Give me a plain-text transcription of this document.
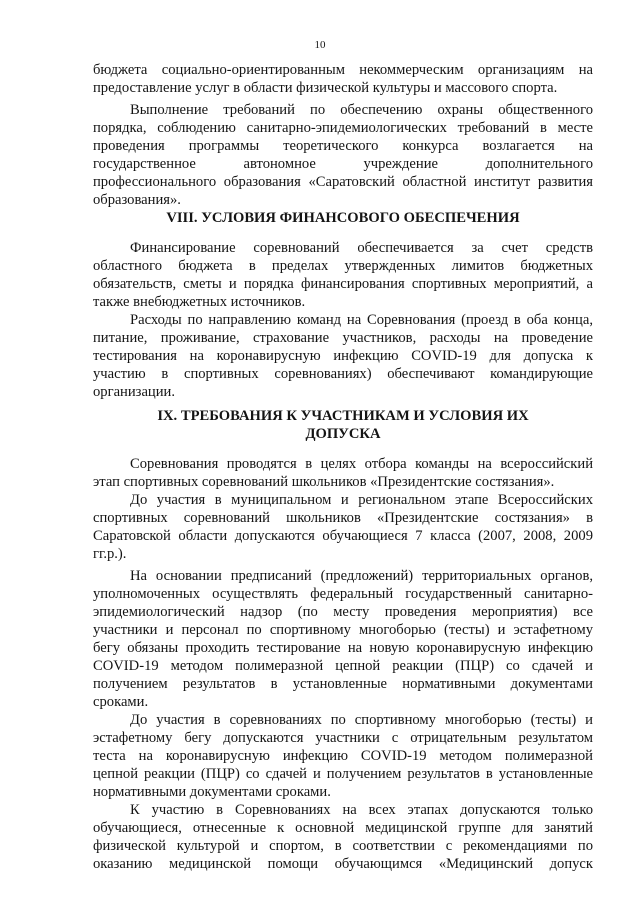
10
бюджета социально-ориентированным некоммерческим организациям на
предоставление услуг в области физической культуры и массового спорта.
Выполнение требований по обеспечению охраны общественного
порядка, соблюдению санитарно-эпидемиологических требований в месте
проведения программы теоретического конкурса возлагается на
государственное автономное учреждение дополнительного
профессионального образования «Саратовский областной институт развития
образования».
VIII. УСЛОВИЯ ФИНАНСОВОГО ОБЕСПЕЧЕНИЯ
Финансирование соревнований обеспечивается за счет средств
областного бюджета в пределах утвержденных лимитов бюджетных
обязательств, сметы и порядка финансирования спортивных мероприятий, а
также внебюджетных источников.
Расходы по направлению команд на Соревнования (проезд в оба конца,
питание, проживание, страхование участников, расходы на проведение
тестирования на коронавирусную инфекцию COVID-19 для допуска к
участию в спортивных соревнованиях) обеспечивают командирующие
организации.
IX. ТРЕБОВАНИЯ К УЧАСТНИКАМ И УСЛОВИЯ ИХ
ДОПУСКА
Соревнования проводятся в целях отбора команды на всероссийский
этап спортивных соревнований школьников «Президентские состязания».
До участия в муниципальном и региональном этапе Всероссийских
спортивных соревнований школьников «Президентские состязания» в
Саратовской области допускаются обучающиеся 7 класса (2007, 2008, 2009
гг.р.).
На основании предписаний (предложений) территориальных органов,
уполномоченных осуществлять федеральный государственный санитарно-
эпидемиологический надзор (по месту проведения мероприятия) все
участники и персонал по спортивному многоборью (тесты) и эстафетному
бегу обязаны проходить тестирование на новую коронавирусную инфекцию
COVID-19 методом полимеразной цепной реакции (ПЦР) со сдачей и
получением результатов в установленные нормативными документами
сроками.
До участия в соревнованиях по спортивному многоборью (тесты) и
эстафетному бегу допускаются участники с отрицательным результатом
теста на коронавирусную инфекцию COVID-19 методом полимеразной
цепной реакции (ПЦР) со сдачей и получением результатов в установленные
нормативными документами сроками.
К участию в Соревнованиях на всех этапах допускаются только
обучающиеся, отнесенные к основной медицинской группе для занятий
физической культурой и спортом, в соответствии с рекомендациями по
оказанию медицинской помощи обучающимся «Медицинский допуск
